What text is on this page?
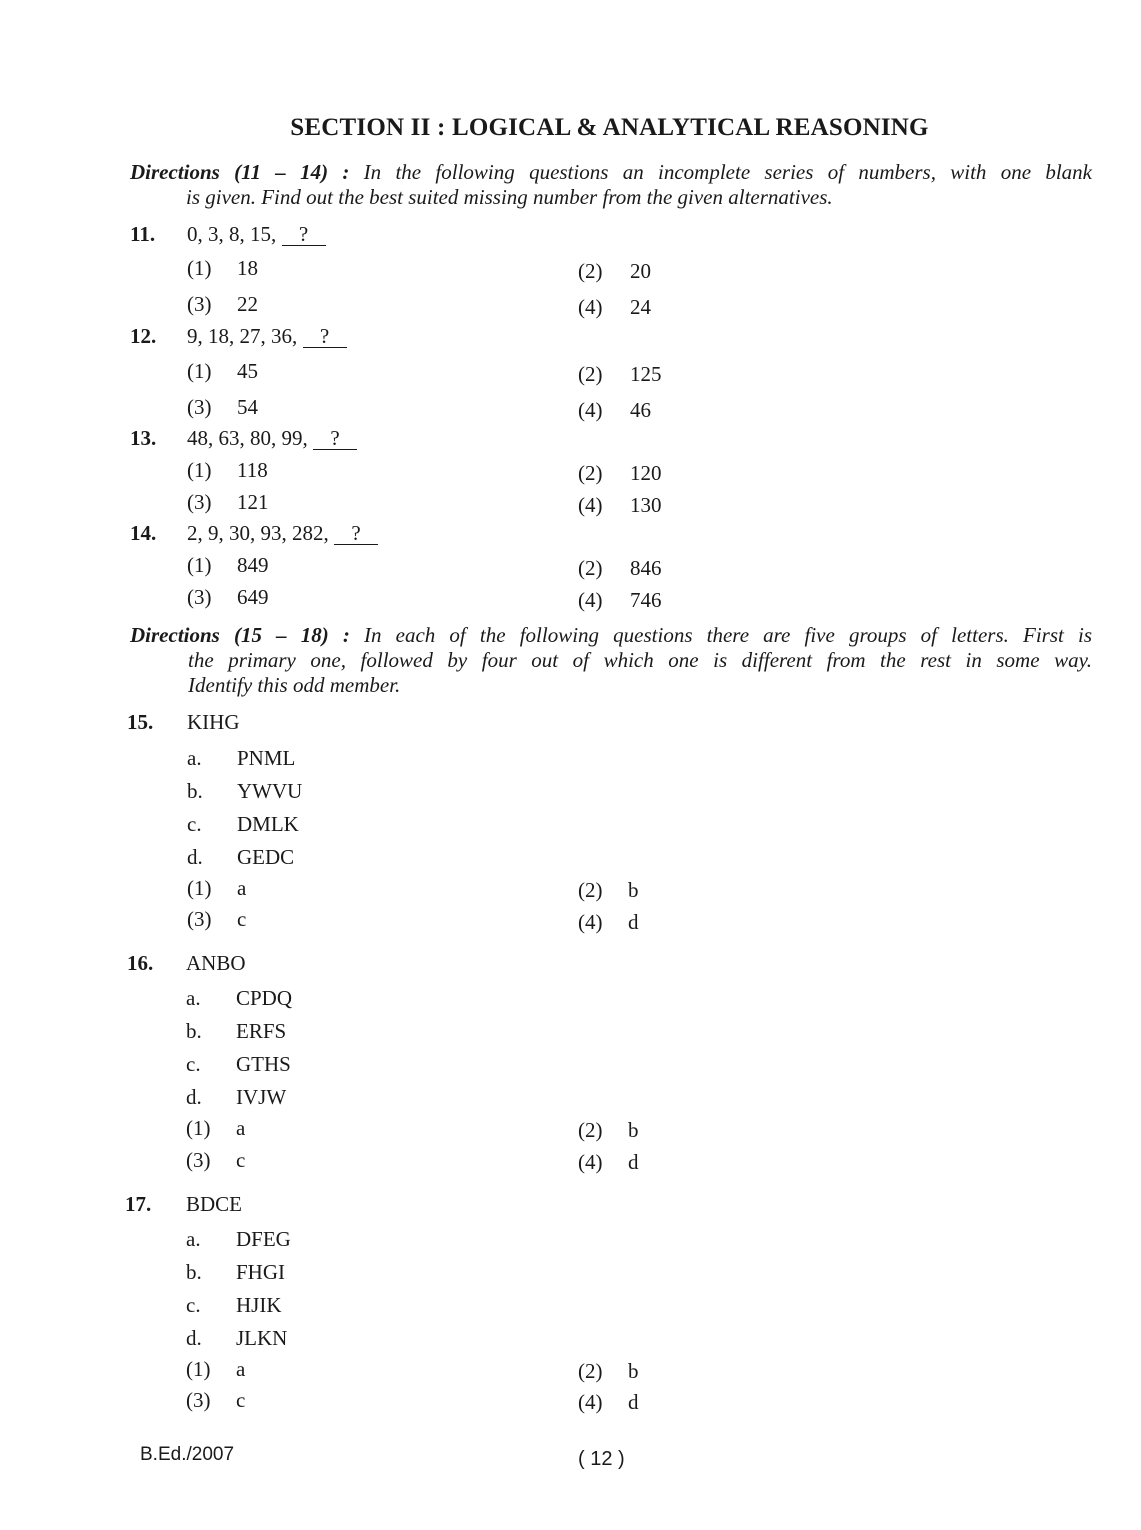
SECTION II : LOGICAL & ANALYTICAL REASONING
Directions (11 – 14) : In the following questions an incomplete series of numbers, with one blank
is given. Find out the best suited missing number from the given alternatives.
11. 0, 3, 8, 15, ?
(1) 18	(2) 20
(3) 22	(4) 24
12. 9, 18, 27, 36, ?
(1) 45	(2) 125
(3) 54	(4) 46
13. 48, 63, 80, 99, ?
(1) 118	(2) 120
(3) 121	(4) 130
14. 2, 9, 30, 93, 282, ?
(1) 849	(2) 846
(3) 649	(4) 746
Directions (15 – 18) : In each of the following questions there are five groups of letters. First is
the primary one, followed by four out of which one is different from the rest in some way.
Identify this odd member.
15. KIHG
a. PNML
b. YWVU
c. DMLK
d. GEDC
(1) a	(2) b
(3) c	(4) d
16. ANBO
a. CPDQ
b. ERFS
c. GTHS
d. IVJW
(1) a	(2) b
(3) c	(4) d
17. BDCE
a. DFEG
b. FHGI
c. HJIK
d. JLKN
(1) a	(2) b
(3) c	(4) d
B.Ed./2007	( 12 )
